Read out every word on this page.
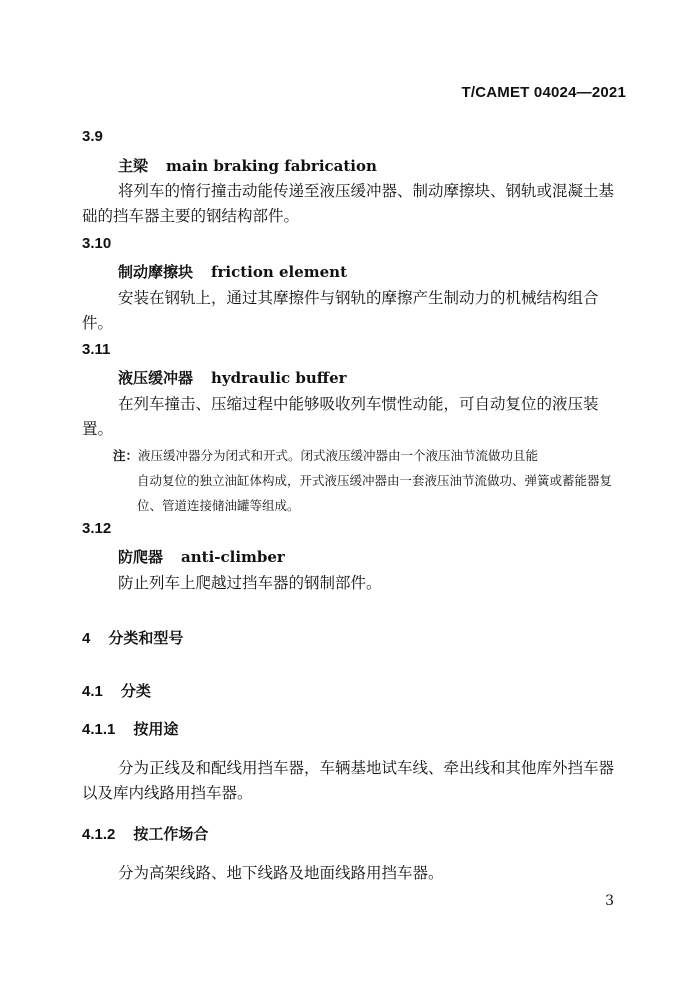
T/CAMET 04024—2021
3.9
主梁 main braking fabrication
将列车的惰行撞击动能传递至液压缓冲器、制动摩擦块、钢轨或混凝土基础的挡车器主要的钢结构部件。
3.10
制动摩擦块 friction element
安装在钢轨上，通过其摩擦件与钢轨的摩擦产生制动力的机械结构组合件。
3.11
液压缓冲器 hydraulic buffer
在列车撞击、压缩过程中能够吸收列车惯性动能，可自动复位的液压装置。
注：液压缓冲器分为闭式和开式。闭式液压缓冲器由一个液压油节流做功且能
自动复位的独立油缸体构成，开式液压缓冲器由一套液压油节流做功、弹簧或蓄能器复位、管道连接储油罐等组成。
3.12
防爬器 anti-climber
防止列车上爬越过挡车器的钢制部件。
4 分类和型号
4.1 分类
4.1.1 按用途
分为正线及和配线用挡车器，车辆基地试车线、牵出线和其他库外挡车器以及库内线路用挡车器。
4.1.2 按工作场合
分为高架线路、地下线路及地面线路用挡车器。
3
